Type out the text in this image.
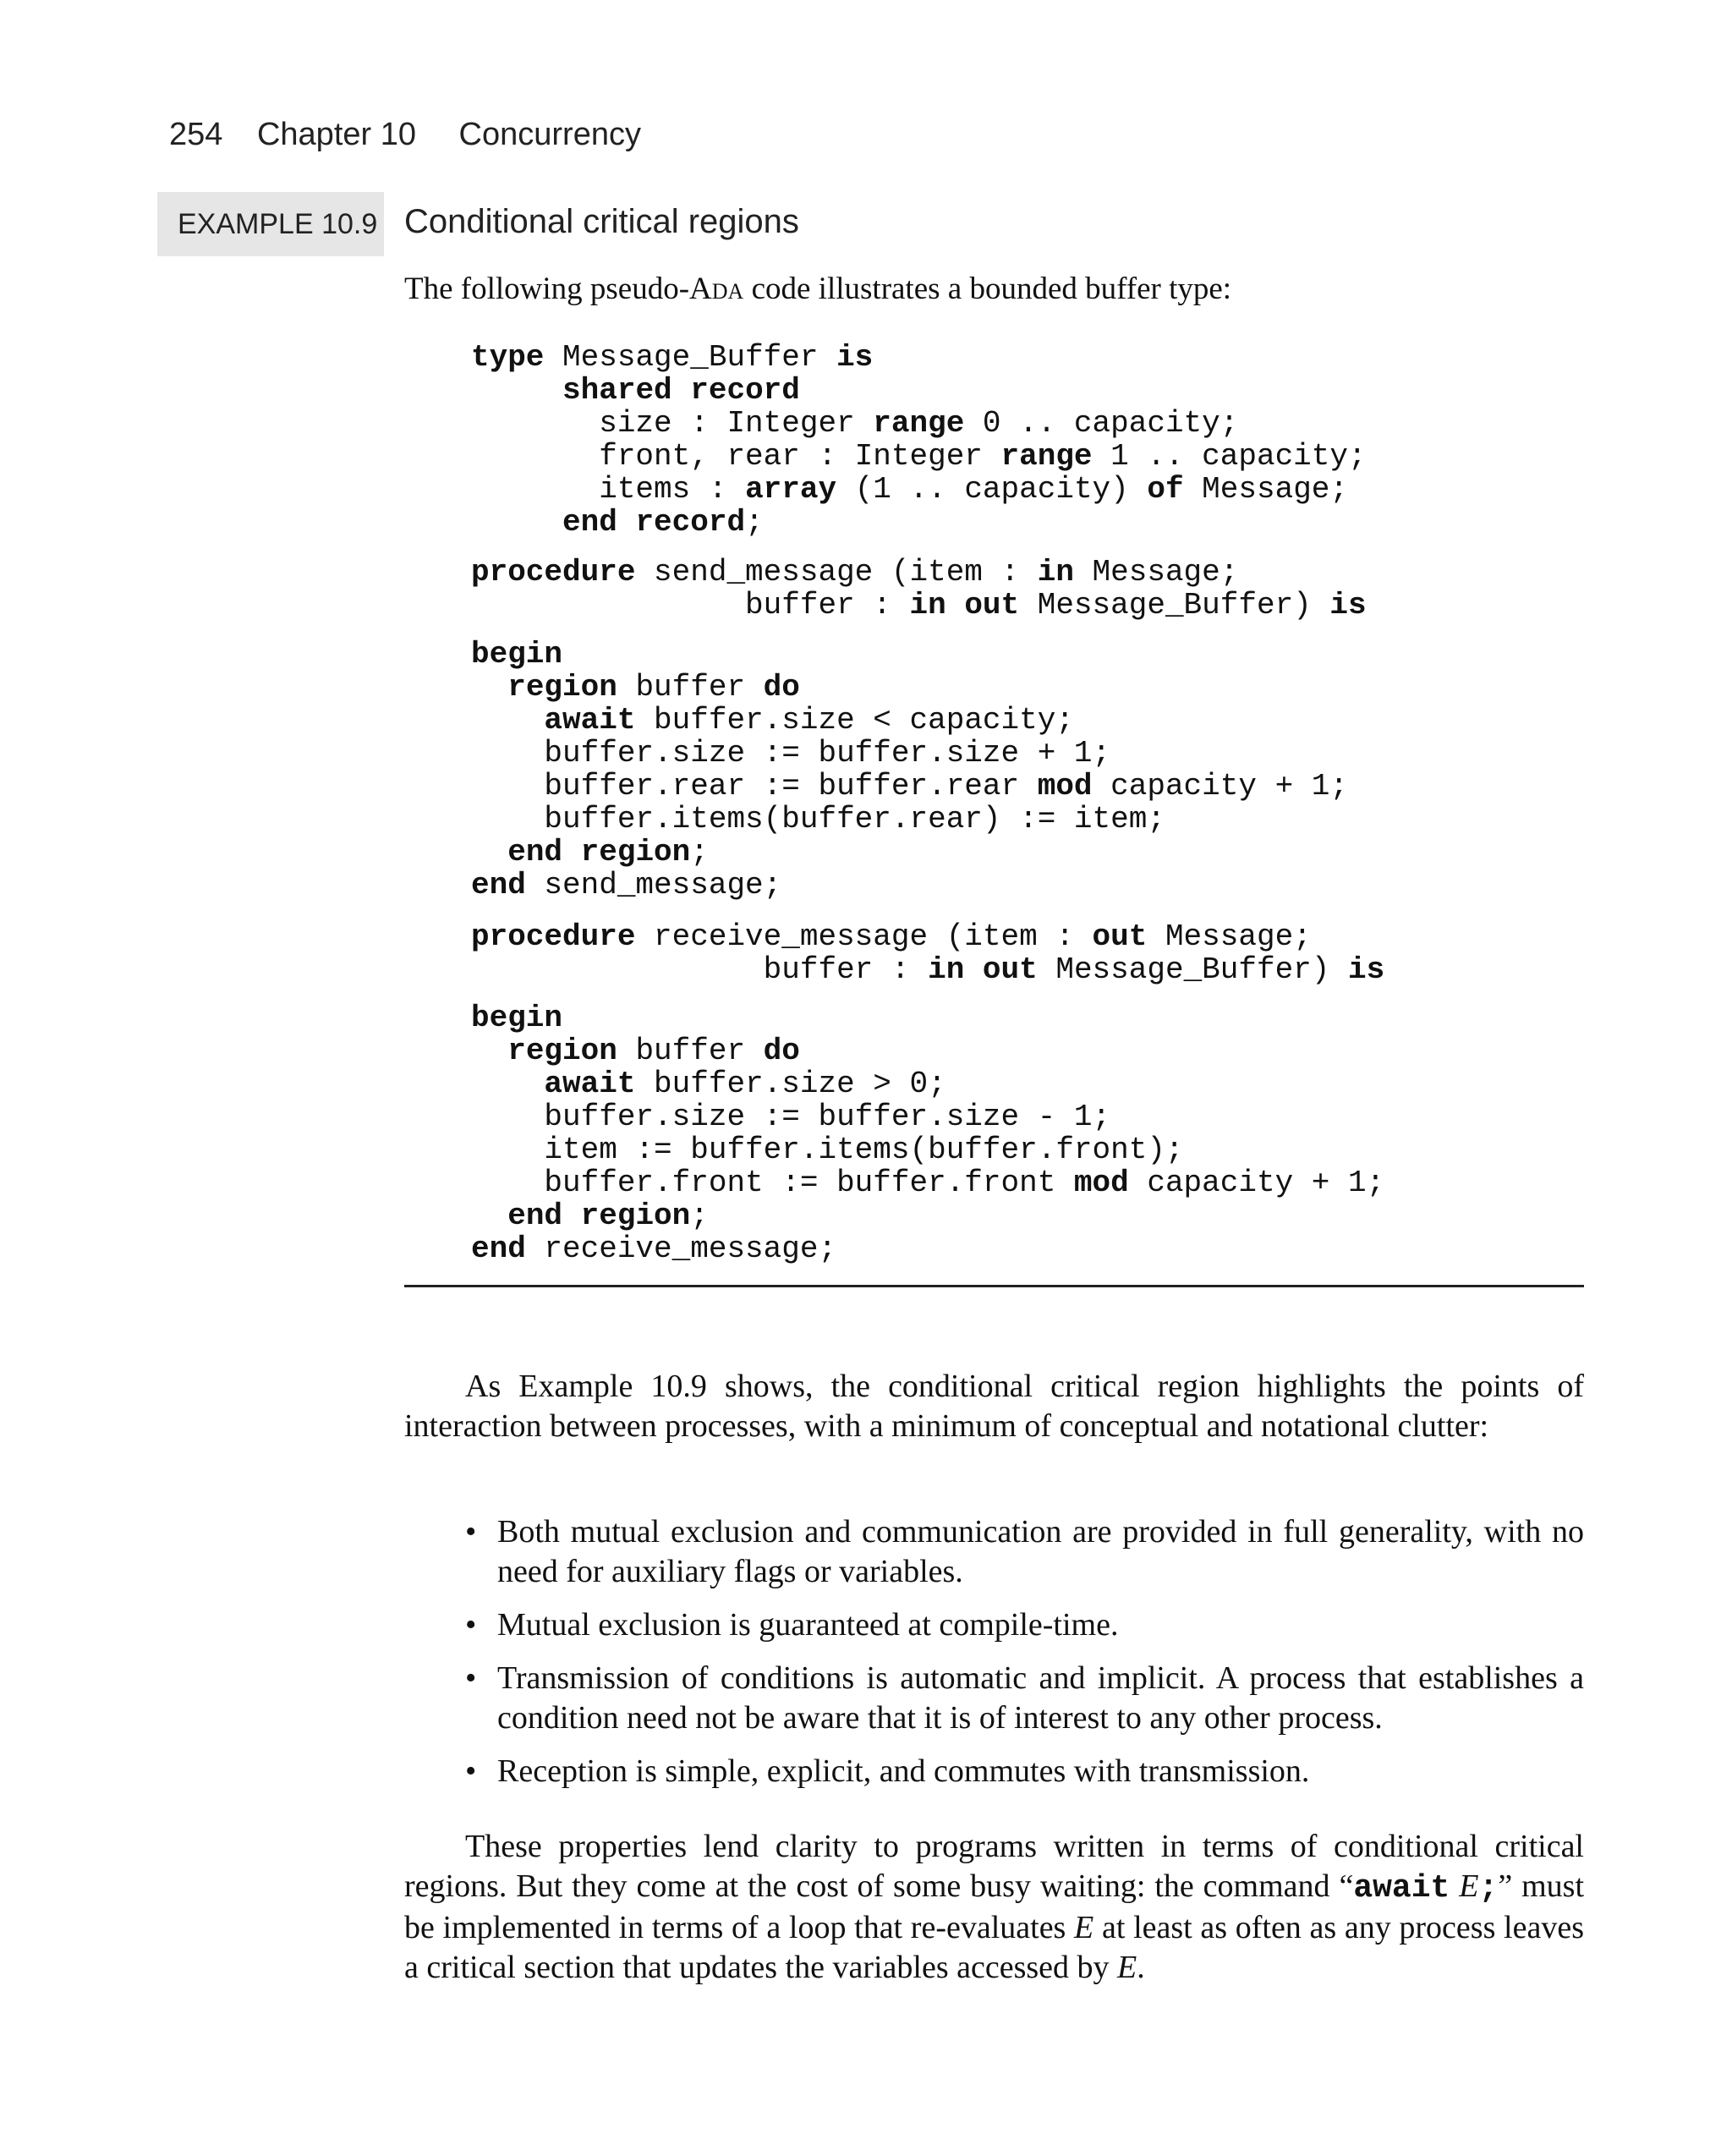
254 Chapter 10 Concurrency
EXAMPLE 10.9 Conditional critical regions
The following pseudo-Ada code illustrates a bounded buffer type:
type Message_Buffer is
shared record
size : Integer range 0 .. capacity;
front, rear : Integer range 1 .. capacity;
items : array (1 .. capacity) of Message;
end record;
procedure send_message (item : in Message;
buffer : in out Message_Buffer) is
begin
region buffer do
await buffer.size < capacity;
buffer.size := buffer.size + 1;
buffer.rear := buffer.rear mod capacity + 1;
buffer.items(buffer.rear) := item;
end region;
end send_message;
procedure receive_message (item : out Message;
buffer : in out Message_Buffer) is
begin
region buffer do
await buffer.size > 0;
buffer.size := buffer.size - 1;
item := buffer.items(buffer.front);
buffer.front := buffer.front mod capacity + 1;
end region;
end receive_message;

As Example 10.9 shows, the conditional critical region highlights the points of interaction between processes, with a minimum of conceptual and notational clutter:

• Both mutual exclusion and communication are provided in full generality, with no need for auxiliary flags or variables.
• Mutual exclusion is guaranteed at compile-time.
• Transmission of conditions is automatic and implicit. A process that establishes a condition need not be aware that it is of interest to any other process.
• Reception is simple, explicit, and commutes with transmission.

These properties lend clarity to programs written in terms of conditional critical regions. But they come at the cost of some busy waiting: the command “await E;” must be implemented in terms of a loop that re-evaluates E at least as often as any process leaves a critical section that updates the variables accessed by E.
